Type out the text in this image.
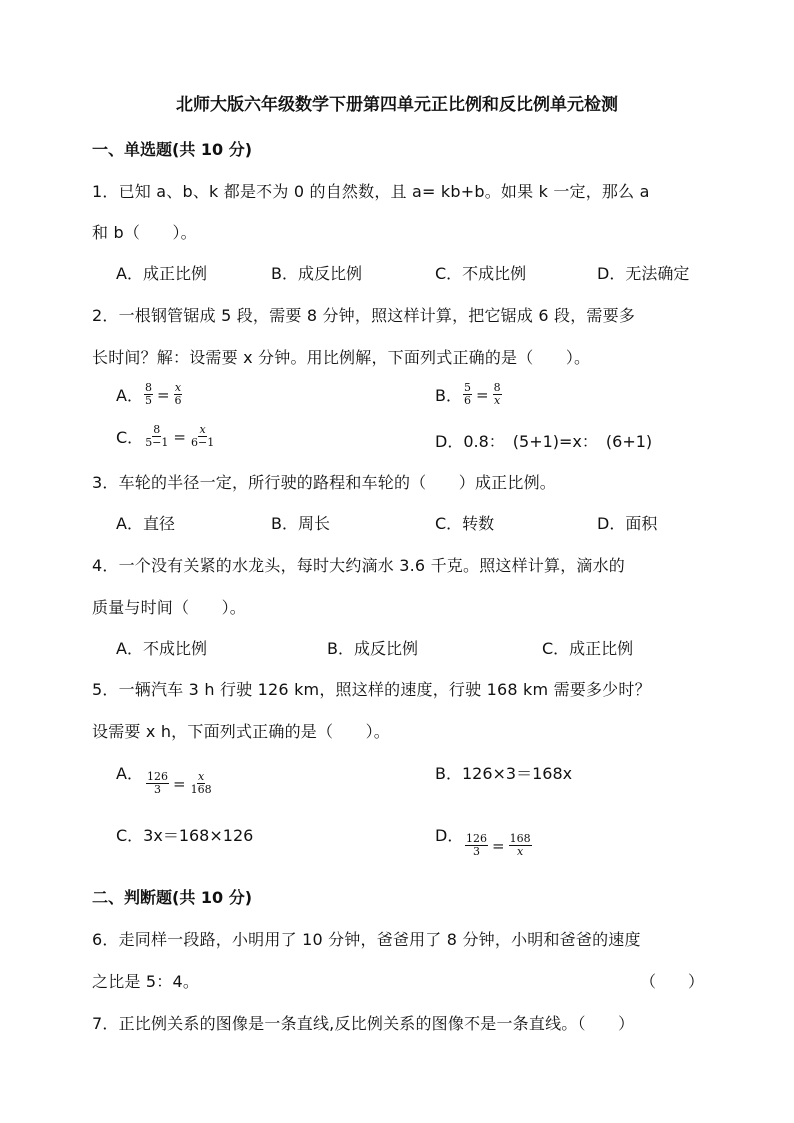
北师大版六年级数学下册第四单元正比例和反比例单元检测
一、单选题(共 10 分)
1．已知 a、b、k 都是不为 0 的自然数，且 a= kb+b。如果 k 一定，那么 a
和 b（　　）。
A．成正比例	B．成反比例	C．不成比例	D．无法确定
2．一根钢管锯成 5 段，需要 8 分钟，照这样计算，把它锯成 6 段，需要多
长时间？解：设需要 x 分钟。用比例解，下面列式正确的是（　　）。
A． $\frac{8}{5} = \frac{x}{6}$	B． $\frac{5}{6} = \frac{8}{x}$
C． $\frac{8}{5-1} = \frac{x}{6-1}$	D．0.8：　(5+1)=x：　(6+1)
3．车轮的半径一定，所行驶的路程和车轮的（　　）成正比例。
A．直径	B．周长	C．转数	D．面积
4．一个没有关紧的水龙头，每时大约滴水 3.6 千克。照这样计算，滴水的
质量与时间（　　）。
A．不成比例	B．成反比例	C．成正比例
5．一辆汽车 3 h 行驶 126 km，照这样的速度，行驶 168 km 需要多少时？
设需要 x h，下面列式正确的是（　　）。
A． $\frac{126}{3} = \frac{x}{168}$	B．126×3＝168x
C．3x＝168×126	D． $\frac{126}{3} = \frac{168}{x}$
二、判断题(共 10 分)
6．走同样一段路，小明用了 10 分钟，爸爸用了 8 分钟，小明和爸爸的速度
之比是 5：4。	（　　）
7．正比例关系的图像是一条直线,反比例关系的图像不是一条直线。（　　）
